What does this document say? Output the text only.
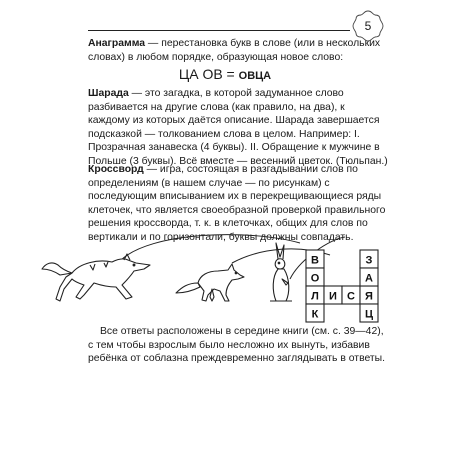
5

Анаграмма — перестановка букв в слове (или в нескольких словах) в любом порядке, образующая новое слово:

ЦА ОВ = ОВЦА

Шарада — это загадка, в которой задуманное слово разбивается на другие слова (как правило, на два), к каждому из которых даётся описание. Шарада завершается подсказкой — толкованием слова в целом. Например: I. Прозрачная занавеска (4 буквы). II. Обращение к мужчине в Польше (3 буквы). Всё вместе — весенний цветок. (Тюльпан.)

Кроссворд — игра, состоящая в разгадывании слов по определениям (в нашем случае — по рисункам) с последующим вписыванием их в перекрещивающиеся ряды клеточек, что является своеобразной проверкой правильного решения кроссворда, т. к. в клеточках, общих для слов по вертикали и по горизонтали, буквы должны совпадать.

В
О
Л
К
И С Я
З
А
Ц

Все ответы расположены в середине книги (см. с. 39—42), с тем чтобы взрослым было несложно их вынуть, избавив ребёнка от соблазна преждевременно заглядывать в ответы.
